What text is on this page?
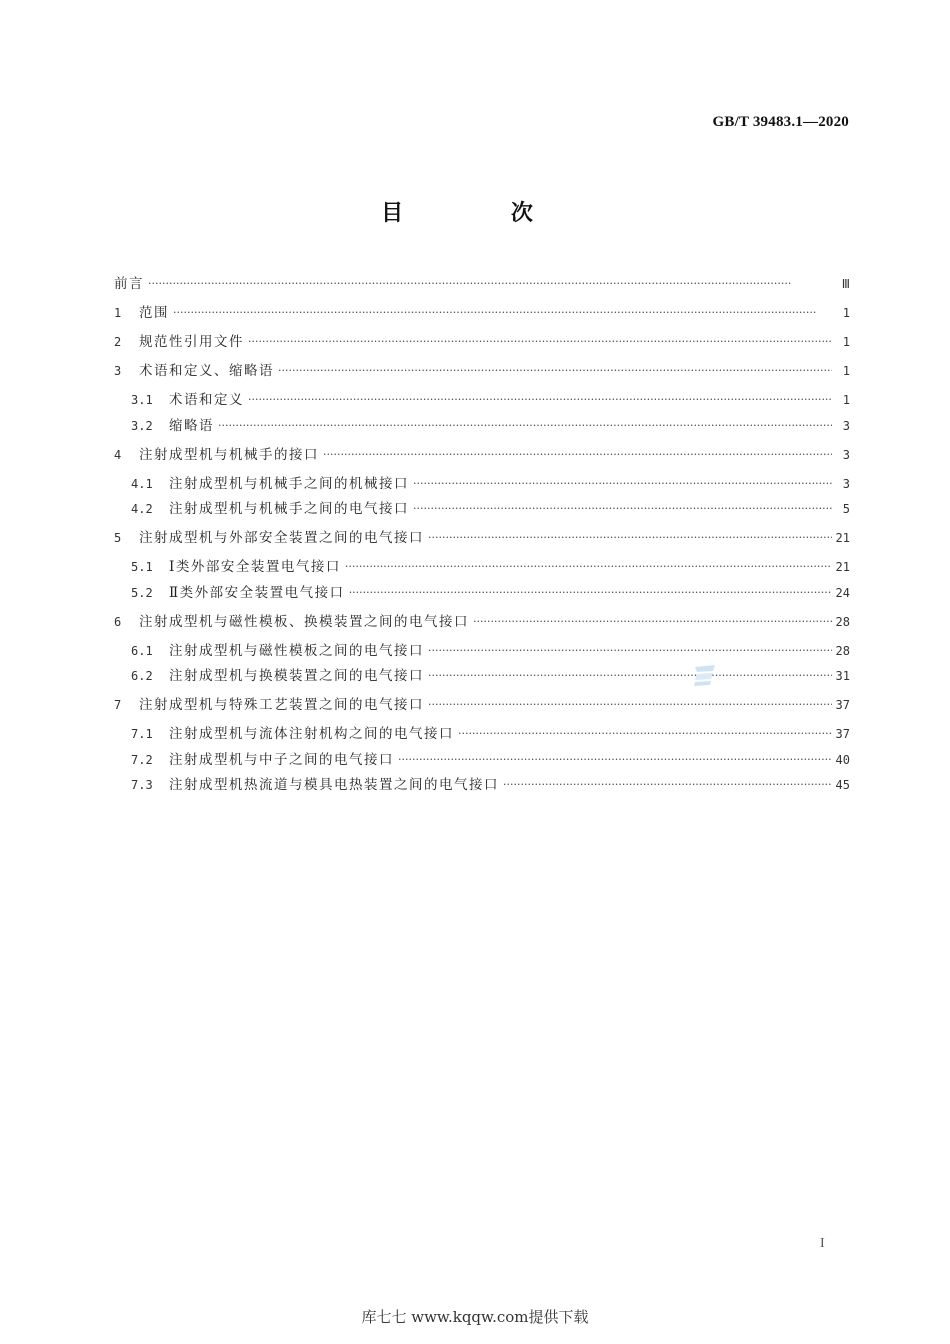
GB/T 39483.1—2020
目 次
前言 ·····	Ⅲ
1	范围 ·····	1
2	规范性引用文件 ·····	1
3	术语和定义、缩略语 ·····	1
3.1	术语和定义 ·····	1
3.2	缩略语 ·····	3
4	注射成型机与机械手的接口 ·····	3
4.1	注射成型机与机械手之间的机械接口 ·····	3
4.2	注射成型机与机械手之间的电气接口 ·····	5
5	注射成型机与外部安全装置之间的电气接口 ·····	21
5.1	Ⅰ类外部安全装置电气接口 ·····	21
5.2	Ⅱ类外部安全装置电气接口 ·····	24
6	注射成型机与磁性模板、换模装置之间的电气接口 ·····	28
6.1	注射成型机与磁性模板之间的电气接口 ·····	28
6.2	注射成型机与换模装置之间的电气接口 ·····	31
7	注射成型机与特殊工艺装置之间的电气接口 ·····	37
7.1	注射成型机与流体注射机构之间的电气接口 ·····	37
7.2	注射成型机与中子之间的电气接口 ·····	40
7.3	注射成型机热流道与模具电热装置之间的电气接口 ·····	45
I
库七七 www.kqqw.com提供下载
